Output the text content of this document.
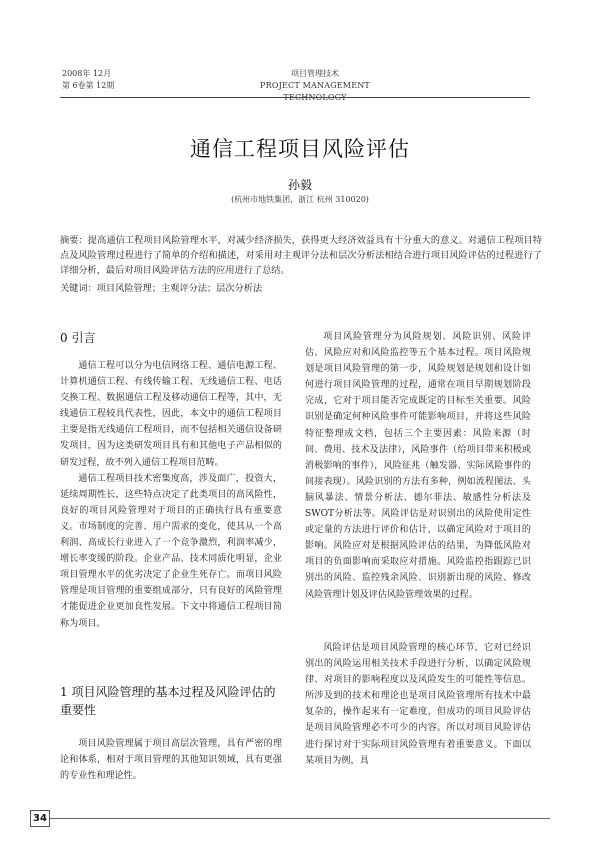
2008年 12月
第 6卷第 12期
项目管理技术
PROJECT MANAGEMENT TECHNOLOGY
通信工程项目风险评估
孙毅
(杭州市地铁集团，浙江 杭州 310020)
摘要：提高通信工程项目风险管理水平，对减少经济损失，获得更大经济效益具有十分重大的意义。对通信工程项目特点及风险管理过程进行了简单的介绍和描述，对采用对主观评分法和层次分析法相结合进行项目风险评估的过程进行了详细分析，最后对项目风险评估方法的应用进行了总结。
关键词：项目风险管理；主观评分法；层次分析法
0 引言

通信工程可以分为电信网络工程、通信电源工程、计算机通信工程、有线传输工程、无线通信工程、电话交换工程、数据通信工程及移动通信工程等，其中，无线通信工程较具代表性，因此，本文中的通信工程项目主要是指无线通信工程项目，而不包括相关通信设备研发项目，因为这类研发项目具有和其他电子产品相似的研发过程，故不列入通信工程项目范畴。

通信工程项目技术密集度高，涉及面广，投资大，延续周期性长，这些特点决定了此类项目的高风险性，良好的项目风险管理对于项目的正确执行具有重要意义。市场制度的完善、用户需求的变化，使其从一个高利润、高成长行业进入了一个竞争激烈，利润率减少，增长率变缓的阶段。企业产品、技术同质化明显，企业项目管理水平的优劣决定了企业生死存亡。而项目风险管理是项目管理的重要组成部分，只有良好的风险管理才能促进企业更加良性发展。下文中将通信工程项目简称为项目。

1 项目风险管理的基本过程及风险评估的重要性

项目风险管理属于项目高层次管理，具有严密的理论和体系，相对于项目管理的其他知识领域，具有更强的专业性和理论性。

项目风险管理分为风险规划、风险识别、风险评估、风险应对和风险监控等五个基本过程。项目风险规划是项目风险管理的第一步，风险规划是规划和设计如何进行项目风险管理的过程，通常在项目早期规划阶段完成，它对于项目能否完成既定的目标至关重要。风险识别是确定何种风险事件可能影响项目，并将这些风险特征整理成文档，包括三个主要因素：风险来源（时间、费用、技术及法律），风险事件（给项目带来积极或消极影响的事件），风险征兆（触发器、实际风险事件的间接表现）。风险识别的方法有多种，例如流程图法、头脑风暴法、情景分析法、德尔菲法、敏感性分析法及 SWOT分析法等。风险评估是对识别出的风险使用定性或定量的方法进行评价和估计，以确定风险对于项目的影响。风险应对是根据风险评估的结果，为降低风险对项目的负面影响而采取应对措施。风险监控指跟踪已识别出的风险、监控残余风险、识别新出现的风险、修改风险管理计划及评估风险管理效果的过程。

风险评估是项目风险管理的核心环节，它对已经识别出的风险运用相关技术手段进行分析，以确定风险规律、对项目的影响程度以及风险发生的可能性等信息。所涉及到的技术和理论也是项目风险管理所有技术中最复杂的，操作起来有一定难度，但成功的项目风险评估是项目风险管理必不可少的内容。所以对项目风险评估进行探讨对于实际项目风险管理有着重要意义。下面以某项目为例，具

34
